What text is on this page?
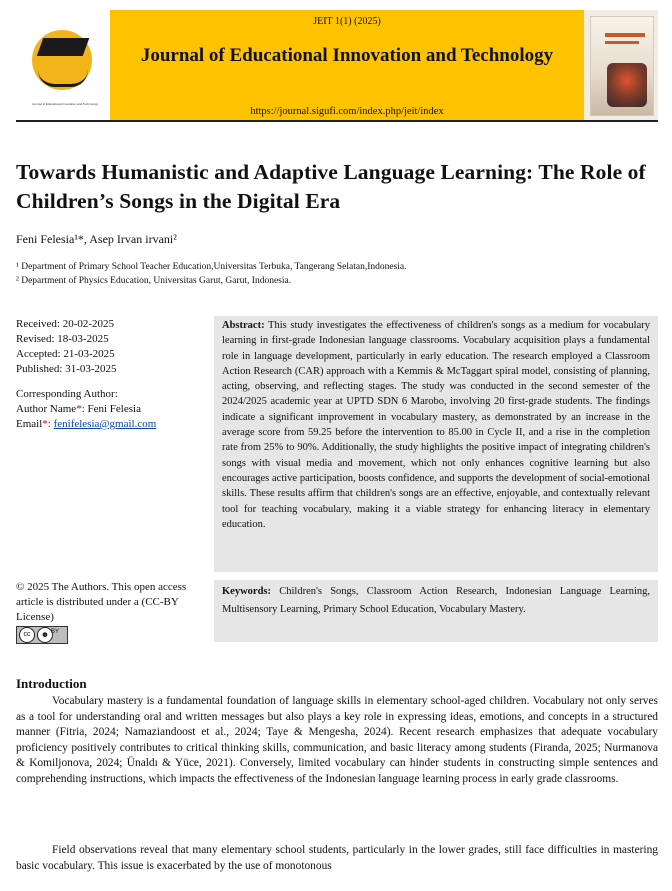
Journal of Educational Innovation and Technology
JEIT 1(1) (2025)
Journal of Educational Innovation and Technology
https://journal.sigufi.com/index.php/jeit/index
Towards Humanistic and Adaptive Language Learning: The Role of Children’s Songs in the Digital Era
Feni Felesia¹*, Asep Irvan irvani²
¹ Department of Primary School Teacher Education,Universitas Terbuka, Tangerang Selatan,Indonesia.
² Department of Physics Education, Universitas Garut, Garut, Indonesia.
Received: 20-02-2025
Revised: 18-03-2025
Accepted: 21-03-2025
Published: 31-03-2025
Corresponding Author:
Author Name*: Feni Felesia
Email*: fenifelesia@gmail.com
© 2025 The Authors. This open access article is distributed under a (CC-BY License)
cc	☻ BY
Abstract: This study investigates the effectiveness of children's songs as a medium for vocabulary learning in first-grade Indonesian language classrooms. Vocabulary acquisition plays a fundamental role in language development, particularly in early education. The research employed a Classroom Action Research (CAR) approach with a Kemmis & McTaggart spiral model, consisting of planning, acting, observing, and reflecting stages. The study was conducted in the second semester of the 2024/2025 academic year at UPTD SDN 6 Marobo, involving 20 first-grade students. The findings indicate a significant improvement in vocabulary mastery, as demonstrated by an increase in the average score from 59.25 before the intervention to 85.00 in Cycle II, and a rise in the completion rate from 25% to 90%. Additionally, the study highlights the positive impact of integrating children's songs with visual media and movement, which not only enhances cognitive learning but also encourages active participation, boosts confidence, and supports the development of social-emotional skills. These results affirm that children's songs are an effective, enjoyable, and contextually relevant tool for teaching vocabulary, making it a viable strategy for enhancing literacy in elementary education.
Keywords: Children's Songs, Classroom Action Research, Indonesian Language Learning, Multisensory Learning, Primary School Education, Vocabulary Mastery.
Introduction
Vocabulary mastery is a fundamental foundation of language skills in elementary school-aged children. Vocabulary not only serves as a tool for understanding oral and written messages but also plays a key role in expressing ideas, emotions, and concepts in a structured manner (Fitria, 2024; Namaziandoost et al., 2024; Taye & Mengesha, 2024). Recent research emphasizes that adequate vocabulary proficiency positively contributes to critical thinking skills, communication, and basic literacy among students (Firanda, 2025; Nurmanova & Komiljonova, 2024; Ünaldı & Yüce, 2021). Conversely, limited vocabulary can hinder students in constructing simple sentences and comprehending instructions, which impacts the effectiveness of the Indonesian language learning process in early grade classrooms.
Field observations reveal that many elementary school students, particularly in the lower grades, still face difficulties in mastering basic vocabulary. This issue is exacerbated by the use of monotonous
